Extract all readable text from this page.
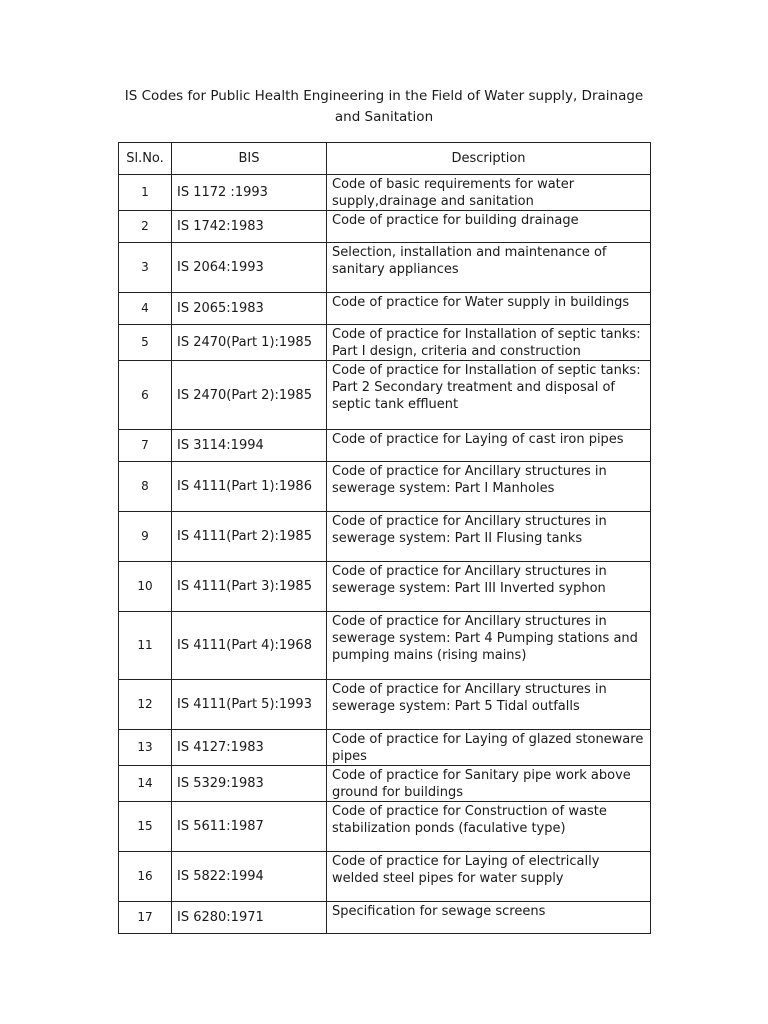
IS Codes for Public Health Engineering in the Field of Water supply, Drainage and Sanitation
Sl.No.	BIS	Description
1	IS 1172 :1993	Code of basic requirements for water supply,drainage and sanitation
2	IS 1742:1983	Code of practice for building drainage
3	IS 2064:1993	Selection, installation and maintenance of sanitary appliances
4	IS 2065:1983	Code of practice for Water supply in buildings
5	IS 2470(Part 1):1985	Code of practice for Installation of septic tanks: Part I design, criteria and construction
6	IS 2470(Part 2):1985	Code of practice for Installation of septic tanks: Part 2 Secondary treatment and disposal of septic tank effluent
7	IS 3114:1994	Code of practice for Laying of cast iron pipes
8	IS 4111(Part 1):1986	Code of practice for Ancillary structures in sewerage system: Part I Manholes
9	IS 4111(Part 2):1985	Code of practice for Ancillary structures in sewerage system: Part II Flusing tanks
10	IS 4111(Part 3):1985	Code of practice for Ancillary structures in sewerage system: Part III Inverted syphon
11	IS 4111(Part 4):1968	Code of practice for Ancillary structures in sewerage system: Part 4 Pumping stations and pumping mains (rising mains)
12	IS 4111(Part 5):1993	Code of practice for Ancillary structures in sewerage system: Part 5 Tidal outfalls
13	IS 4127:1983	Code of practice for Laying of glazed stoneware pipes
14	IS 5329:1983	Code of practice for Sanitary pipe work above ground for buildings
15	IS 5611:1987	Code of practice for Construction of waste stabilization ponds (faculative type)
16	IS 5822:1994	Code of practice for Laying of electrically welded steel pipes for water supply
17	IS 6280:1971	Specification for sewage screens
